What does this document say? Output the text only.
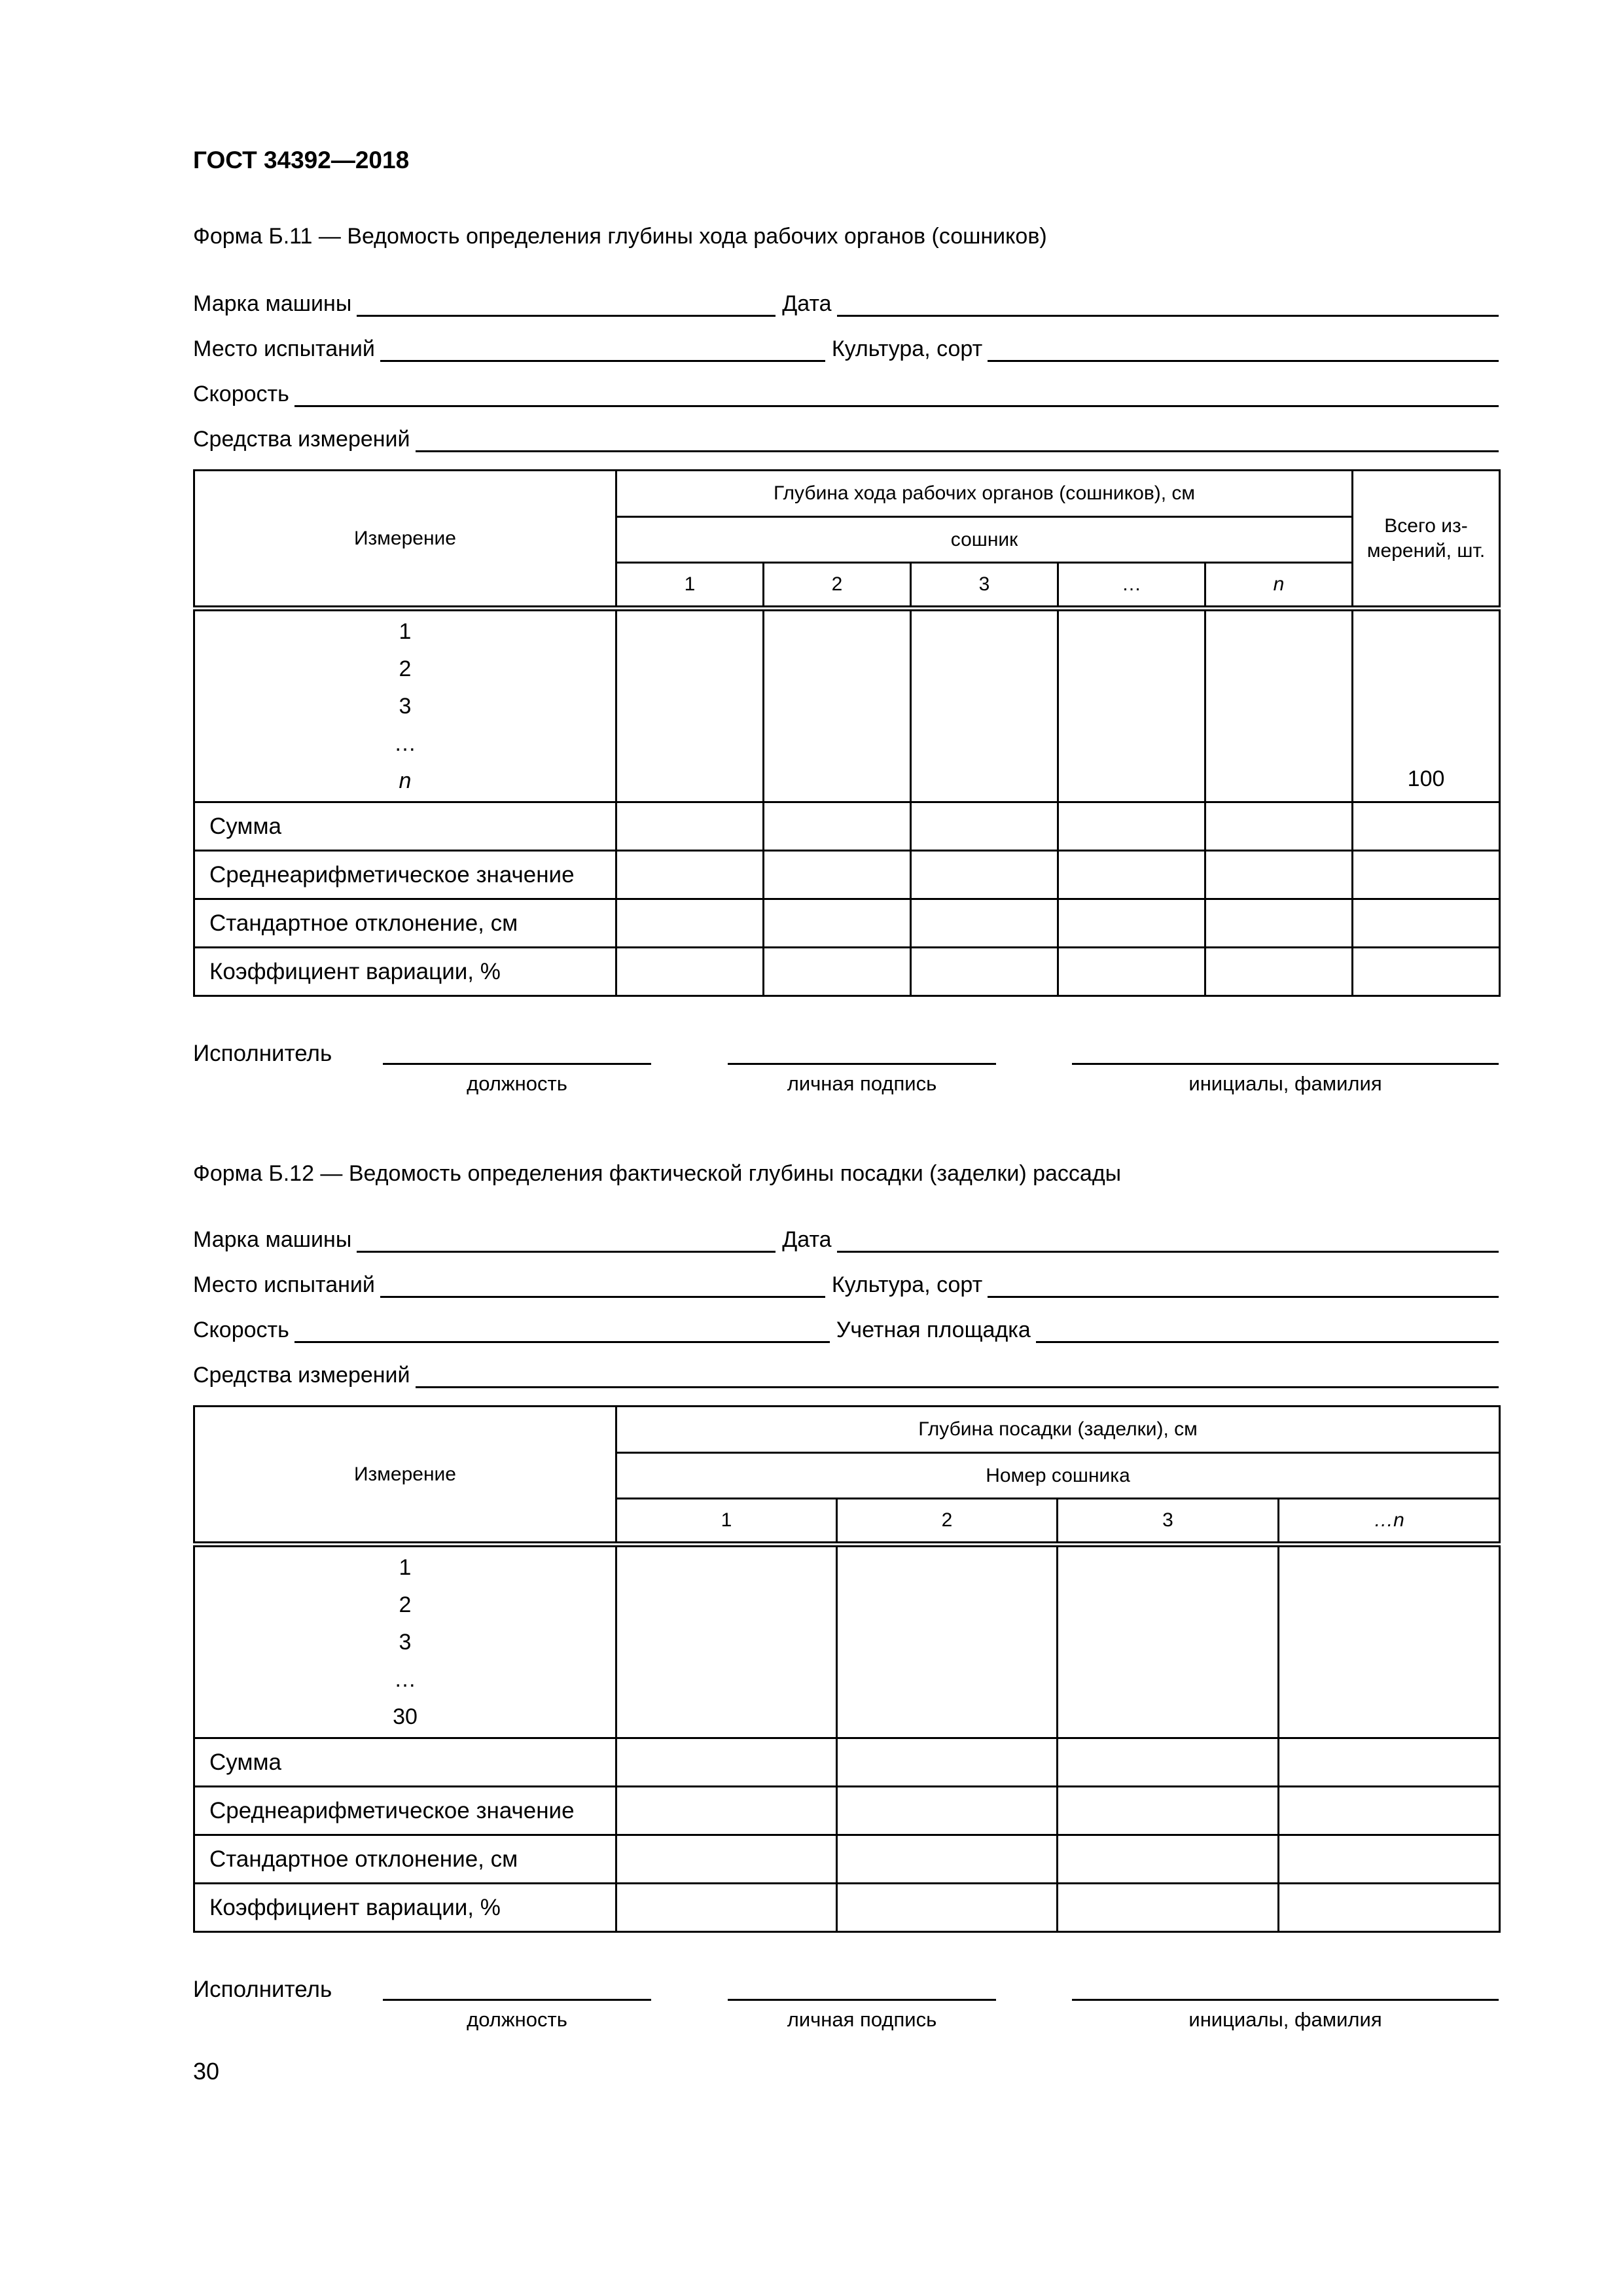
ГОСТ 34392—2018
Форма Б.11 — Ведомость определения глубины хода рабочих органов (сошников)
Марка машины	Дата
Место испытаний	Культура, сорт
Скорость
Средства измерений
Измерение	Глубина хода рабочих органов (сошников), см					Всего из-мерений, шт.
	сошник					
	1	2	3	…	n	

1
2
3
…
n						100
Сумма						
Среднеарифметическое значение						
Стандартное отклонение, см						
Коэффициент вариации, %						
Исполнитель
должность	личная подпись	инициалы, фамилия
Форма Б.12 — Ведомость определения фактической глубины посадки (заделки) рассады
Марка машины	Дата
Место испытаний	Культура, сорт
Скорость	Учетная площадка
Средства измерений
Измерение	Глубина посадки (заделки), см			
	Номер сошника			
	1	2	3	…n

1
2
3
…
30				

Сумма				
Среднеарифметическое значение				
Стандартное отклонение, см				
Коэффициент вариации, %				
Исполнитель
должность	личная подпись	инициалы, фамилия
30
